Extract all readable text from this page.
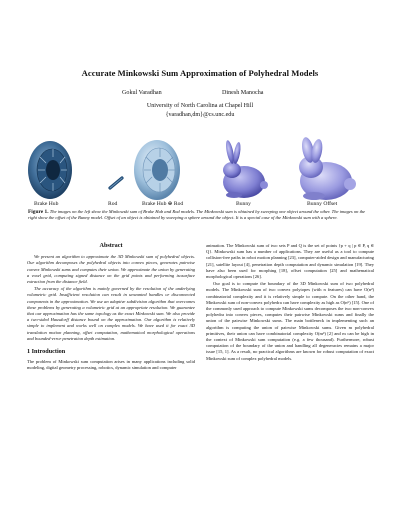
Accurate Minkowski Sum Approximation of Polyhedral Models
Gokul Varadhan	Dinesh Manocha
University of North Carolina at Chapel Hill
{varadhan,dm}@cs.unc.edu
Brake Hub	Rod	Brake Hub ⊕ Rod	Bunny	Bunny Offset
Figure 1. The images on the left show the Minkowski sum of Brake Hub and Rod models. The Minkowski sum is obtained by sweeping one object around the other. The images on the right show the offset of the Bunny model. Offset of an object is obtained by sweeping a sphere around the object. It is a special case of the Minkowski sum with a sphere.
Abstract

We present an algorithm to approximate the 3D Minkowski sum of polyhedral objects. Our algorithm decomposes the polyhedral objects into convex pieces, generates pairwise convex Minkowski sums and computes their union. We approximate the union by generating a voxel grid, computing signed distance on the grid points and performing isosurface extraction from the distance field.

The accuracy of the algorithm is mainly governed by the resolution of the underlying volumetric grid. Insufficient resolution can result in unwanted handles or disconnected components in the approximation. We use an adaptive subdivision algorithm that overcomes these problems by generating a volumetric grid at an appropriate resolution. We guarantee that our approximation has the same topology as the exact Minkowski sum. We also provide a two-sided Hausdorff distance bound on the approximation. Our algorithm is relatively simple to implement and works well on complex models. We have used it for exact 3D translation motion planning, offset computation, mathematical morphological operations and bounded-error penetration depth estimation.

1 Introduction

The problem of Minkowski sum computation arises in many applications including solid modeling, digital geometry processing, robotics, dynamic simulation and computer

animation. The Minkowski sum of two sets P and Q is the set of points {p + q | p ∈ P, q ∈ Q}. Minkowski sum has a number of applications. They are useful as a tool to compute collision-free paths in robot motion planning [23], computer-aided design and manufacturing [21], satellite layout [4], penetration depth computation and dynamic simulation [19]. They have also been used for morphing [18], offset computation [25] and mathematical morphological operations [26].

Our goal is to compute the boundary of the 3D Minkowski sum of two polyhedral models. The Minkowski sum of two convex polytopes (with n features) can have O(n²) combinatorial complexity and it is relatively simple to compute. On the other hand, the Minkowski sum of non-convex polyhedra can have complexity as high as O(n⁶) [15]. One of the commonly used approach to compute Minkowski sums decomposes the two non-convex polyhedra into convex pieces, computes their pairwise Minkowski sums and finally the union of the pairwise Minkowski sums. The main bottleneck in implementing such an algorithm is computing the union of pairwise Minkowski sums. Given m polyhedral primitives, their union can have combinatorial complexity O(m³) [2] and m can be high in the context of Minkowski sum computation (e.g. a few thousand). Furthermore, robust computation of the boundary of the union and handling all degeneracies remains a major issue [15, 1]. As a result, no practical algorithms are known for robust computation of exact Minkowski sum of complex polyhedral models.
